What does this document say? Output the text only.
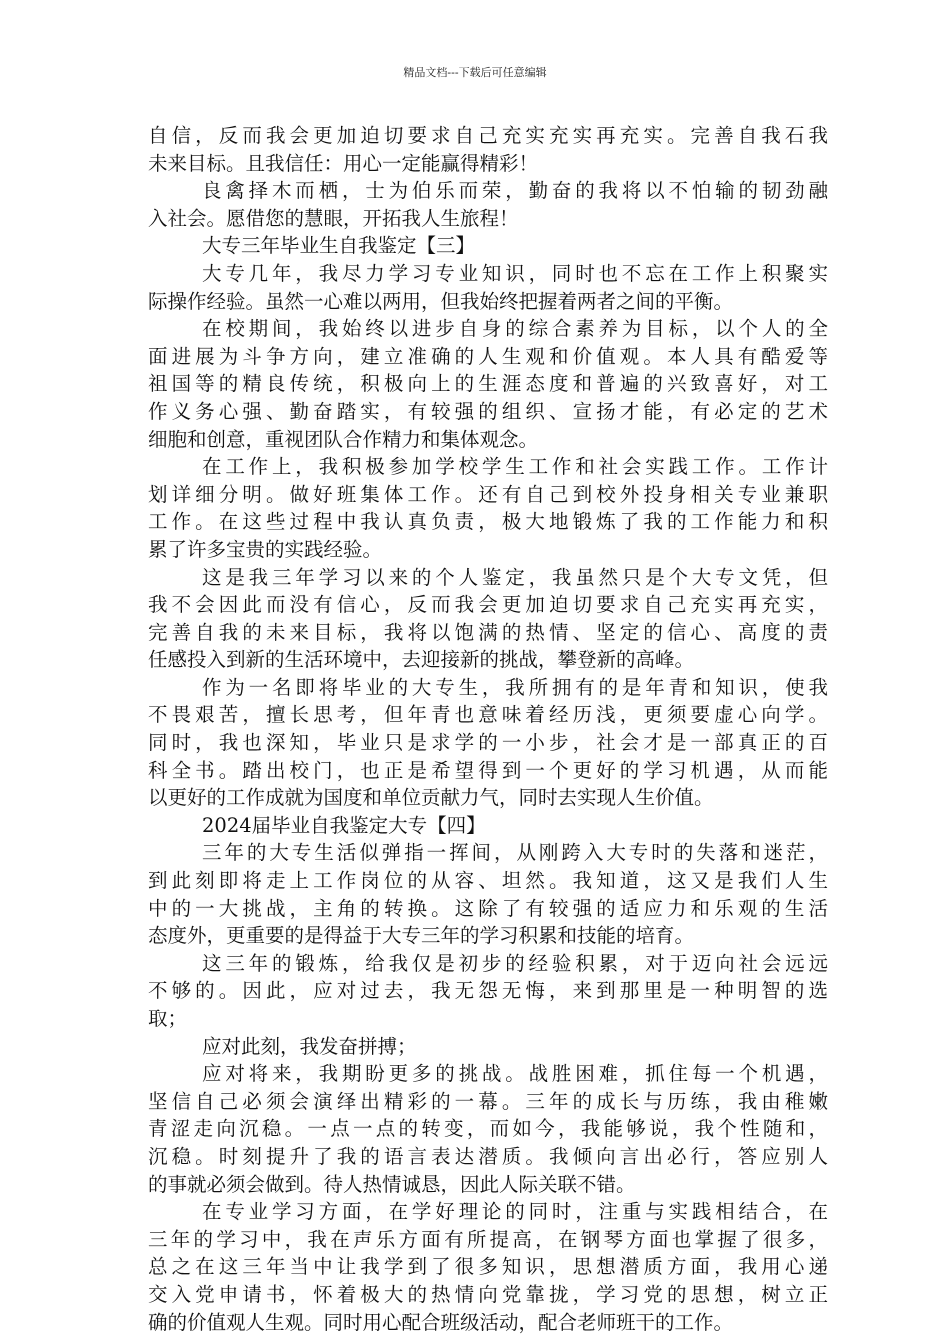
精品文档---下载后可任意编辑
自信，反而我会更加迫切要求自己充实充实再充实。完善自我石我
未来目标。且我信任：用心一定能赢得精彩！
良禽择木而栖，士为伯乐而荣，勤奋的我将以不怕输的韧劲融
入社会。愿借您的慧眼，开拓我人生旅程！
大专三年毕业生自我鉴定【三】
大专几年，我尽力学习专业知识，同时也不忘在工作上积聚实
际操作经验。虽然一心难以两用，但我始终把握着两者之间的平衡。
在校期间，我始终以进步自身的综合素养为目标，以个人的全
面进展为斗争方向，建立准确的人生观和价值观。本人具有酷爱等
祖国等的精良传统，积极向上的生涯态度和普遍的兴致喜好，对工
作义务心强、勤奋踏实，有较强的组织、宣扬才能，有必定的艺术
细胞和创意，重视团队合作精力和集体观念。
在工作上，我积极参加学校学生工作和社会实践工作。工作计
划详细分明。做好班集体工作。还有自己到校外投身相关专业兼职
工作。在这些过程中我认真负责，极大地锻炼了我的工作能力和积
累了许多宝贵的实践经验。
这是我三年学习以来的个人鉴定，我虽然只是个大专文凭，但
我不会因此而没有信心，反而我会更加迫切要求自己充实再充实，
完善自我的未来目标，我将以饱满的热情、坚定的信心、高度的责
任感投入到新的生活环境中，去迎接新的挑战，攀登新的高峰。
作为一名即将毕业的大专生，我所拥有的是年青和知识，使我
不畏艰苦，擅长思考，但年青也意味着经历浅，更须要虚心向学。
同时，我也深知，毕业只是求学的一小步，社会才是一部真正的百
科全书。踏出校门，也正是希望得到一个更好的学习机遇，从而能
以更好的工作成就为国度和单位贡献力气，同时去实现人生价值。
2024届毕业自我鉴定大专【四】
三年的大专生活似弹指一挥间，从刚跨入大专时的失落和迷茫，
到此刻即将走上工作岗位的从容、坦然。我知道，这又是我们人生
中的一大挑战，主角的转换。这除了有较强的适应力和乐观的生活
态度外，更重要的是得益于大专三年的学习积累和技能的培育。
这三年的锻炼，给我仅是初步的经验积累，对于迈向社会远远
不够的。因此，应对过去，我无怨无悔，来到那里是一种明智的选
取；
应对此刻，我发奋拼搏；
应对将来，我期盼更多的挑战。战胜困难，抓住每一个机遇，
坚信自己必须会演绎出精彩的一幕。三年的成长与历练，我由稚嫩
青涩走向沉稳。一点一点的转变，而如今，我能够说，我个性随和，
沉稳。时刻提升了我的语言表达潜质。我倾向言出必行，答应别人
的事就必须会做到。待人热情诚恳，因此人际关联不错。
在专业学习方面，在学好理论的同时，注重与实践相结合，在
三年的学习中，我在声乐方面有所提高，在钢琴方面也掌握了很多，
总之在这三年当中让我学到了很多知识，思想潜质方面，我用心递
交入党申请书，怀着极大的热情向党靠拢，学习党的思想，树立正
确的价值观人生观。同时用心配合班级活动，配合老师班干的工作。
